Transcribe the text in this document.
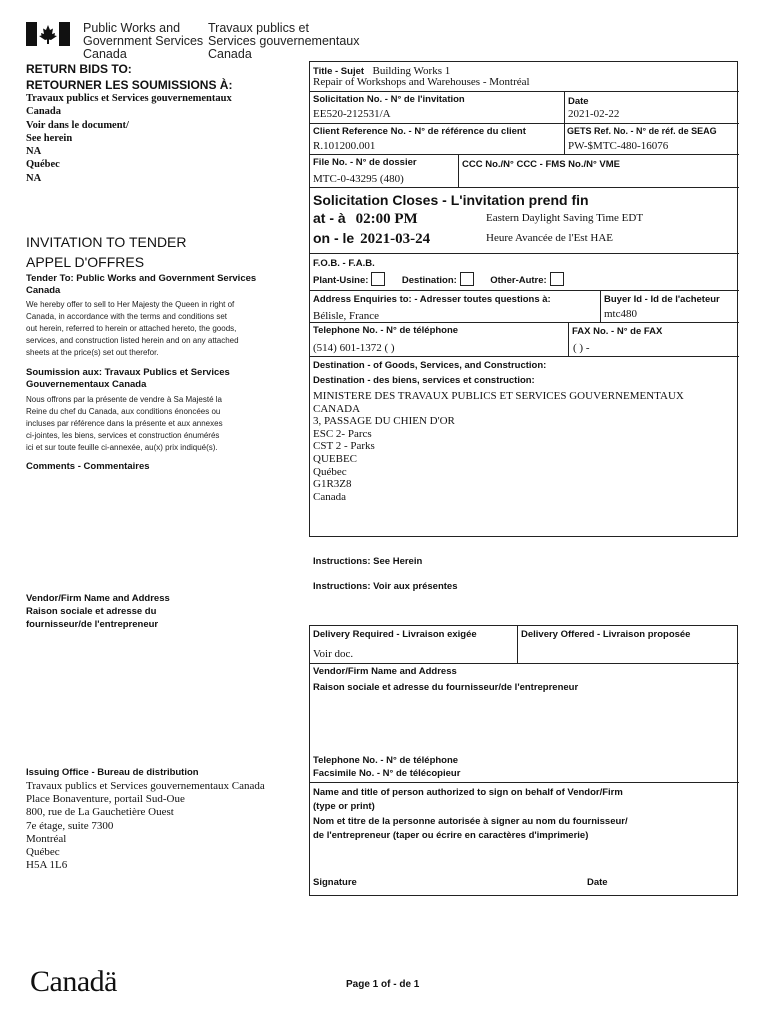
Public Works and
Government Services
Canada
Travaux publics et
Services gouvernementaux
Canada
RETURN BIDS TO:
RETOURNER LES SOUMISSIONS À:
Travaux publics et Services gouvernementaux
Canada
Voir dans le document/
See herein
NA
Québec
NA
INVITATION TO TENDER
APPEL D'OFFRES
Tender To: Public Works and Government Services Canada
We hereby offer to sell to Her Majesty the Queen in right of
Canada, in accordance with the terms and conditions set
out herein, referred to herein or attached hereto, the goods,
services, and construction listed herein and on any attached
sheets at the price(s) set out therefor.
Soumission aux: Travaux Publics et Services Gouvernementaux Canada
Nous offrons par la présente de vendre à Sa Majesté la
Reine du chef du Canada, aux conditions énoncées ou
incluses par référence dans la présente et aux annexes
ci-jointes, les biens, services et construction énumérés
ici et sur toute feuille ci-annexée, au(x) prix indiqué(s).
Comments - Commentaires
Vendor/Firm Name and Address
Raison sociale et adresse du
fournisseur/de l'entrepreneur
Issuing Office - Bureau de distribution
Travaux publics et Services gouvernementaux Canada
Place Bonaventure, portail Sud-Oue
800, rue de La Gauchetière Ouest
7e étage, suite 7300
Montréal
Québec
H5A 1L6
Title - Sujet Building Works 1
Repair of Workshops and Warehouses - Montréal
Solicitation No. - N° de l'invitation
EE520-212531/A
Date
2021-02-22
Client Reference No. - N° de référence du client
R.101200.001
GETS Ref. No. - N° de réf. de SEAG
PW-$MTC-480-16076
File No. - N° de dossier
MTC-0-43295 (480)
CCC No./N° CCC - FMS No./N° VME
Solicitation Closes - L'invitation prend fin
at - à 02:00 PM
on - le 2021-03-24
Eastern Daylight Saving Time EDT
Heure Avancée de l'Est HAE
F.O.B. - F.A.B.
Plant-Usine:	Destination:	Other-Autre:
Address Enquiries to: - Adresser toutes questions à:
Bélisle, France
Buyer Id - Id de l'acheteur
mtc480
Telephone No. - N° de téléphone
(514) 601-1372 ( )
FAX No. - N° de FAX
( ) -
Destination - of Goods, Services, and Construction:
Destination - des biens, services et construction:
MINISTERE DES TRAVAUX PUBLICS ET SERVICES GOUVERNEMENTAUX
CANADA
3, PASSAGE DU CHIEN D'OR
ESC 2- Parcs
CST 2 - Parks
QUEBEC
Québec
G1R3Z8
Canada
Instructions: See Herein
Instructions: Voir aux présentes
Delivery Required - Livraison exigée
Voir doc.
Delivery Offered - Livraison proposée
Vendor/Firm Name and Address
Raison sociale et adresse du fournisseur/de l'entrepreneur
Telephone No. - N° de téléphone
Facsimile No. - N° de télécopieur
Name and title of person authorized to sign on behalf of Vendor/Firm
(type or print)
Nom et titre de la personne autorisée à signer au nom du fournisseur/
de l'entrepreneur (taper ou écrire en caractères d'imprimerie)
Signature	Date
Canadä	Page 1 of - de 1
